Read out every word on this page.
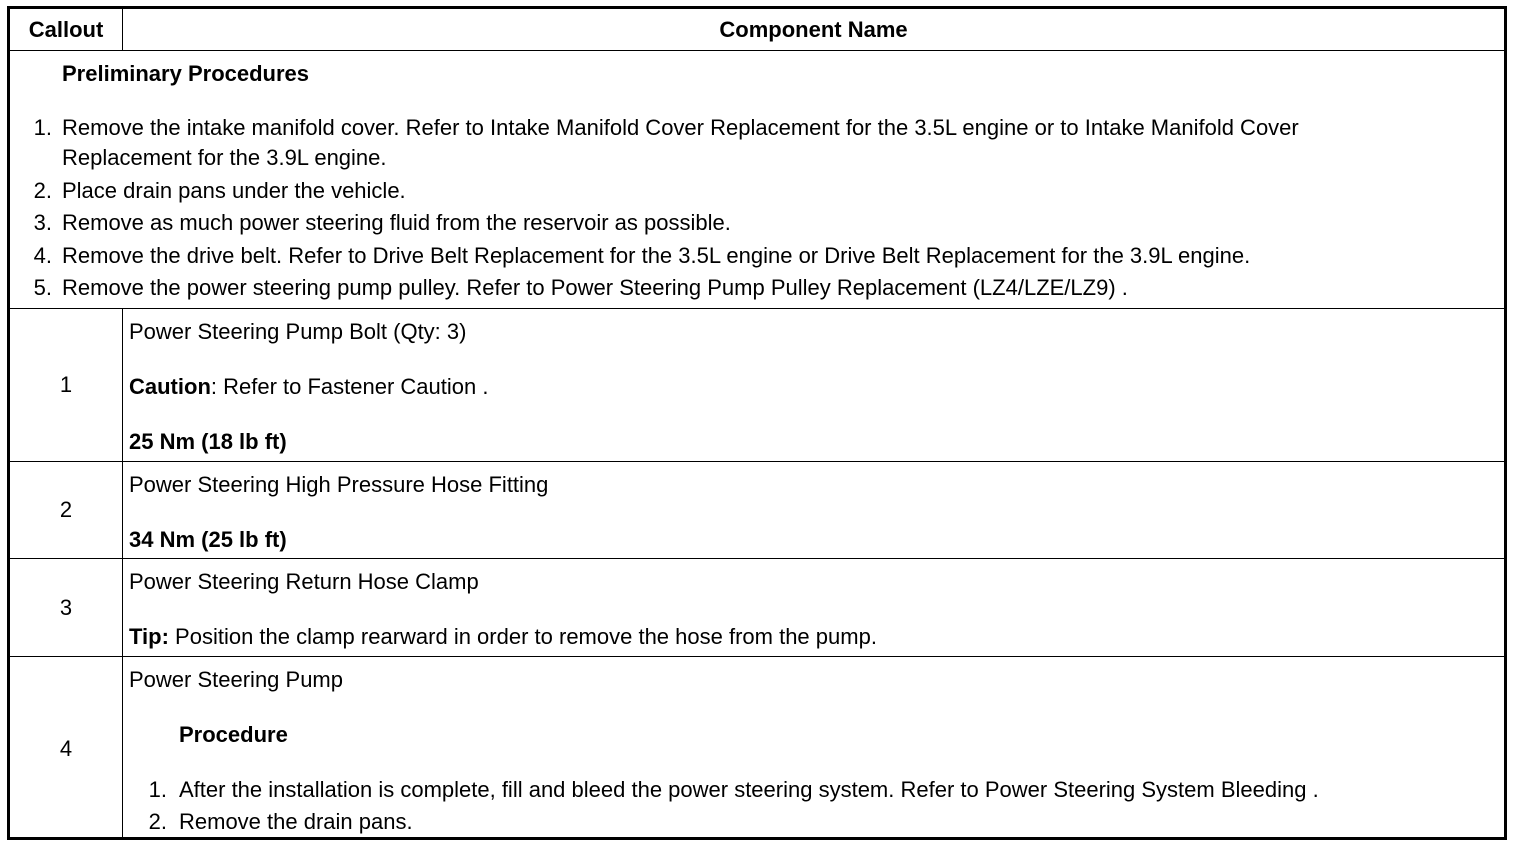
Callout	Component Name
Preliminary Procedures
1. Remove the intake manifold cover. Refer to Intake Manifold Cover Replacement for the 3.5L engine or to Intake Manifold Cover
Replacement for the 3.9L engine.
2. Place drain pans under the vehicle.
3. Remove as much power steering fluid from the reservoir as possible.
4. Remove the drive belt. Refer to Drive Belt Replacement for the 3.5L engine or Drive Belt Replacement for the 3.9L engine.
5. Remove the power steering pump pulley. Refer to Power Steering Pump Pulley Replacement (LZ4/LZE/LZ9) .
1
Power Steering Pump Bolt (Qty: 3)
Caution: Refer to Fastener Caution .
25 Nm (18 lb ft)
2
Power Steering High Pressure Hose Fitting
34 Nm (25 lb ft)
3
Power Steering Return Hose Clamp
Tip: Position the clamp rearward in order to remove the hose from the pump.
4
Power Steering Pump
Procedure
1. After the installation is complete, fill and bleed the power steering system. Refer to Power Steering System Bleeding .
2. Remove the drain pans.
